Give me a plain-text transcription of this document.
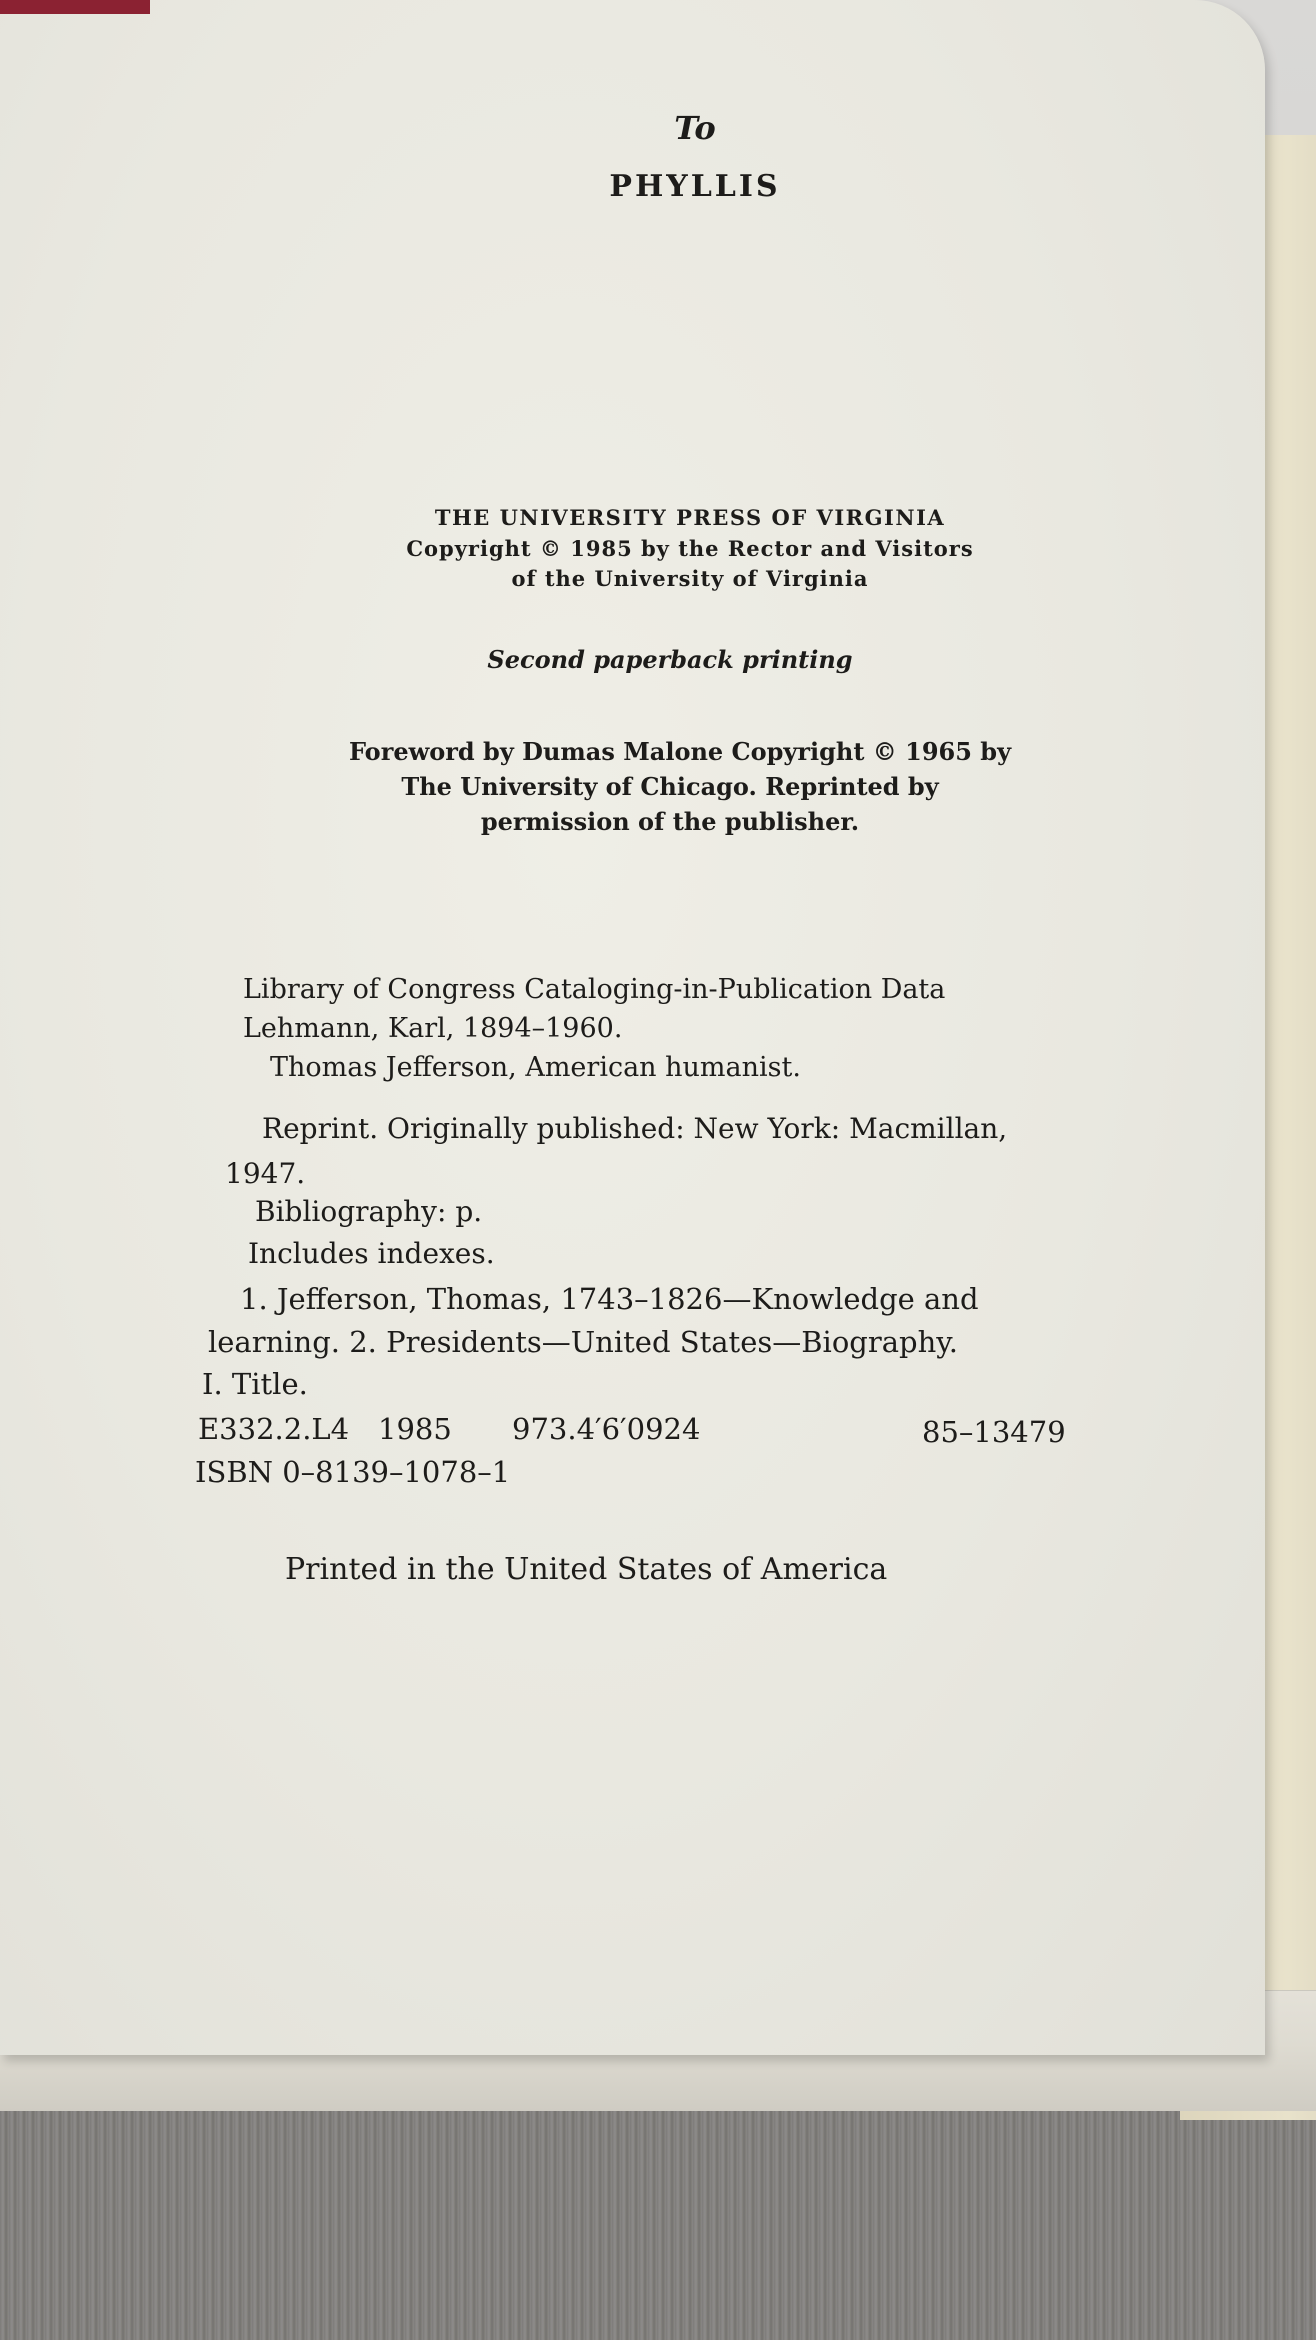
To

PHYLLIS

THE UNIVERSITY PRESS OF VIRGINIA

Copyright © 1985 by the Rector and Visitors

of the University of Virginia

Second paperback printing

Foreword by Dumas Malone Copyright © 1965 by

The University of Chicago. Reprinted by

permission of the publisher.

Library of Congress Cataloging-in-Publication Data

Lehmann, Karl, 1894–1960.

Thomas Jefferson, American humanist.

Reprint. Originally published: New York: Macmillan,

1947.

Bibliography: p.

Includes indexes.

1. Jefferson, Thomas, 1743–1826—Knowledge and

learning. 2. Presidents—United States—Biography.

I. Title.

E332.2.L4 1985 973.4′6′0924	85–13479

ISBN 0–8139–1078–1

Printed in the United States of America
